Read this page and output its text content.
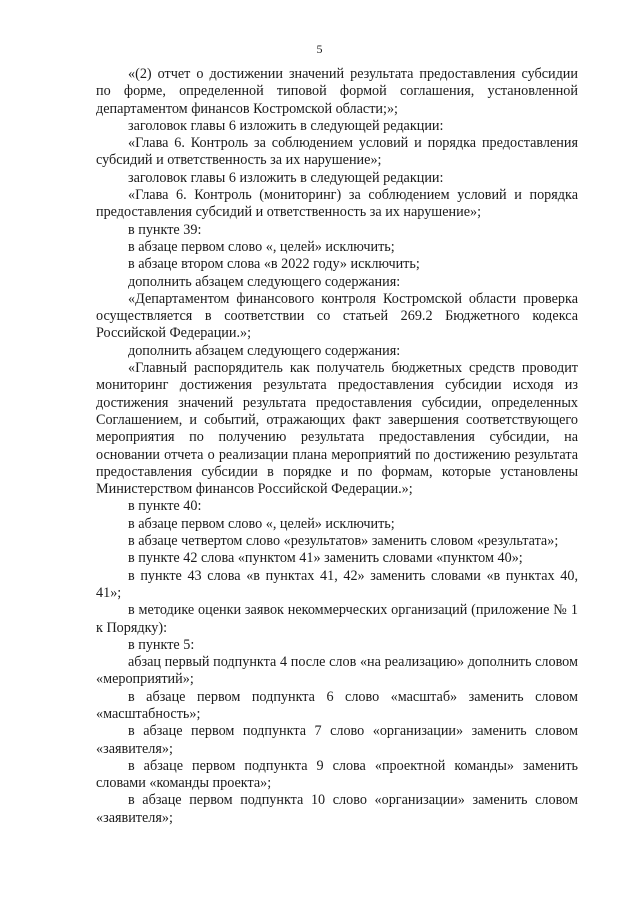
5

«(2) отчет о достижении значений результата предоставления субсидии по форме, определенной типовой формой соглашения, установленной департаментом финансов Костромской области;»;

заголовок главы 6 изложить в следующей редакции:

«Глава 6. Контроль за соблюдением условий и порядка предоставления субсидий и ответственность за их нарушение»;

заголовок главы 6 изложить в следующей редакции:

«Глава 6. Контроль (мониторинг) за соблюдением условий и порядка предоставления субсидий и ответственность за их нарушение»;

в пункте 39:

в абзаце первом слово «, целей» исключить;

в абзаце втором слова «в 2022 году» исключить;

дополнить абзацем следующего содержания:

«Департаментом финансового контроля Костромской области проверка осуществляется в соответствии со статьей 269.2 Бюджетного кодекса Российской Федерации.»;

дополнить абзацем следующего содержания:

«Главный распорядитель как получатель бюджетных средств проводит мониторинг достижения результата предоставления субсидии исходя из достижения значений результата предоставления субсидии, определенных Соглашением, и событий, отражающих факт завершения соответствующего мероприятия по получению результата предоставления субсидии, на основании отчета о реализации плана мероприятий по достижению результата предоставления субсидии в порядке и по формам, которые установлены Министерством финансов Российской Федерации.»;

в пункте 40:

в абзаце первом слово «, целей» исключить;

в абзаце четвертом слово «результатов» заменить словом «результата»;

в пункте 42 слова «пунктом 41» заменить словами «пунктом 40»;

в пункте 43 слова «в пунктах 41, 42» заменить словами «в пунктах 40, 41»;

в методике оценки заявок некоммерческих организаций (приложение № 1 к Порядку):

в пункте 5:

абзац первый подпункта 4 после слов «на реализацию» дополнить словом «мероприятий»;

в абзаце первом подпункта 6 слово «масштаб» заменить словом «масштабность»;

в абзаце первом подпункта 7 слово «организации» заменить словом «заявителя»;

в абзаце первом подпункта 9 слова «проектной команды» заменить словами «команды проекта»;

в абзаце первом подпункта 10 слово «организации» заменить словом «заявителя»;
